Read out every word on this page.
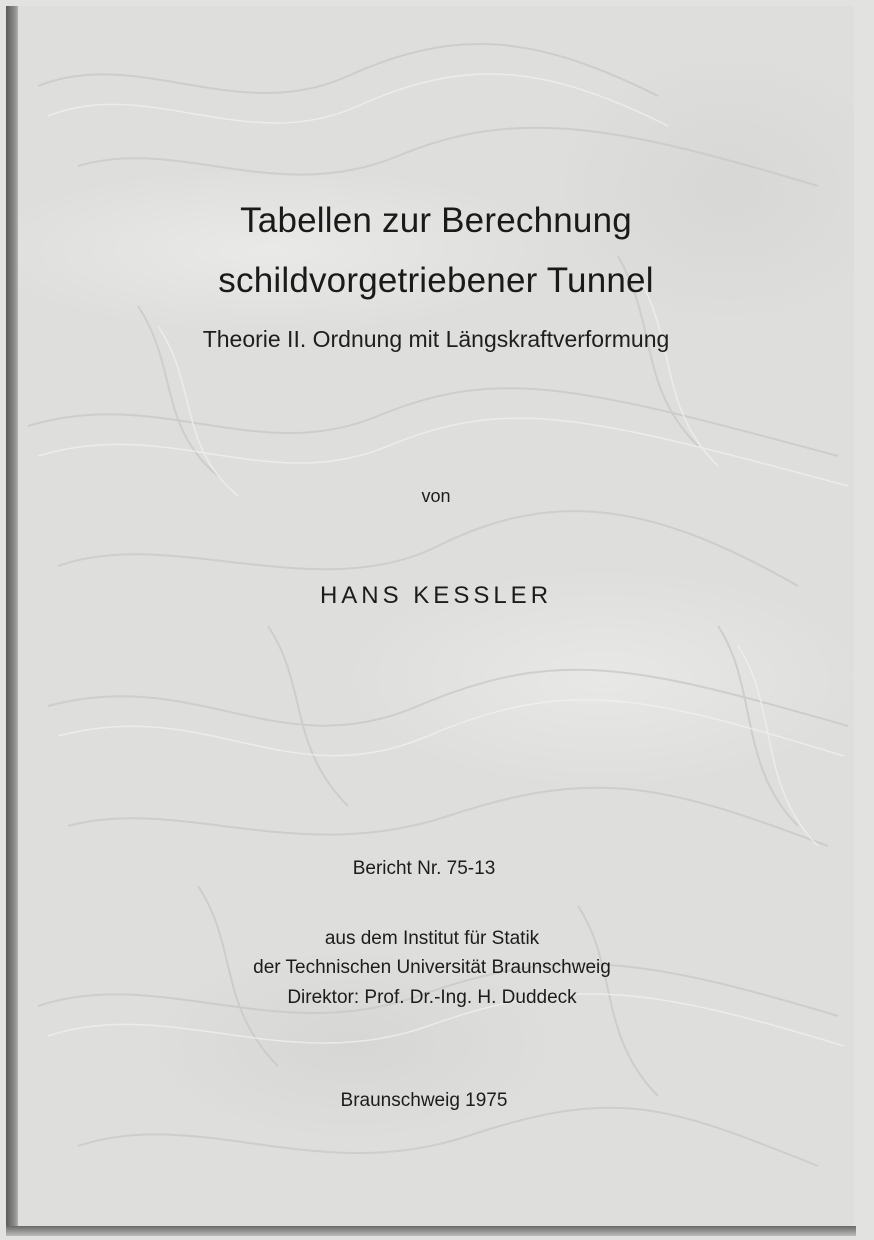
Tabellen zur Berechnung
schildvorgetriebener Tunnel
Theorie II. Ordnung mit Längskraftverformung
von
HANS KESSLER
Bericht Nr. 75-13
aus dem Institut für Statik
der Technischen Universität Braunschweig
Direktor: Prof. Dr.-Ing. H. Duddeck
Braunschweig 1975
